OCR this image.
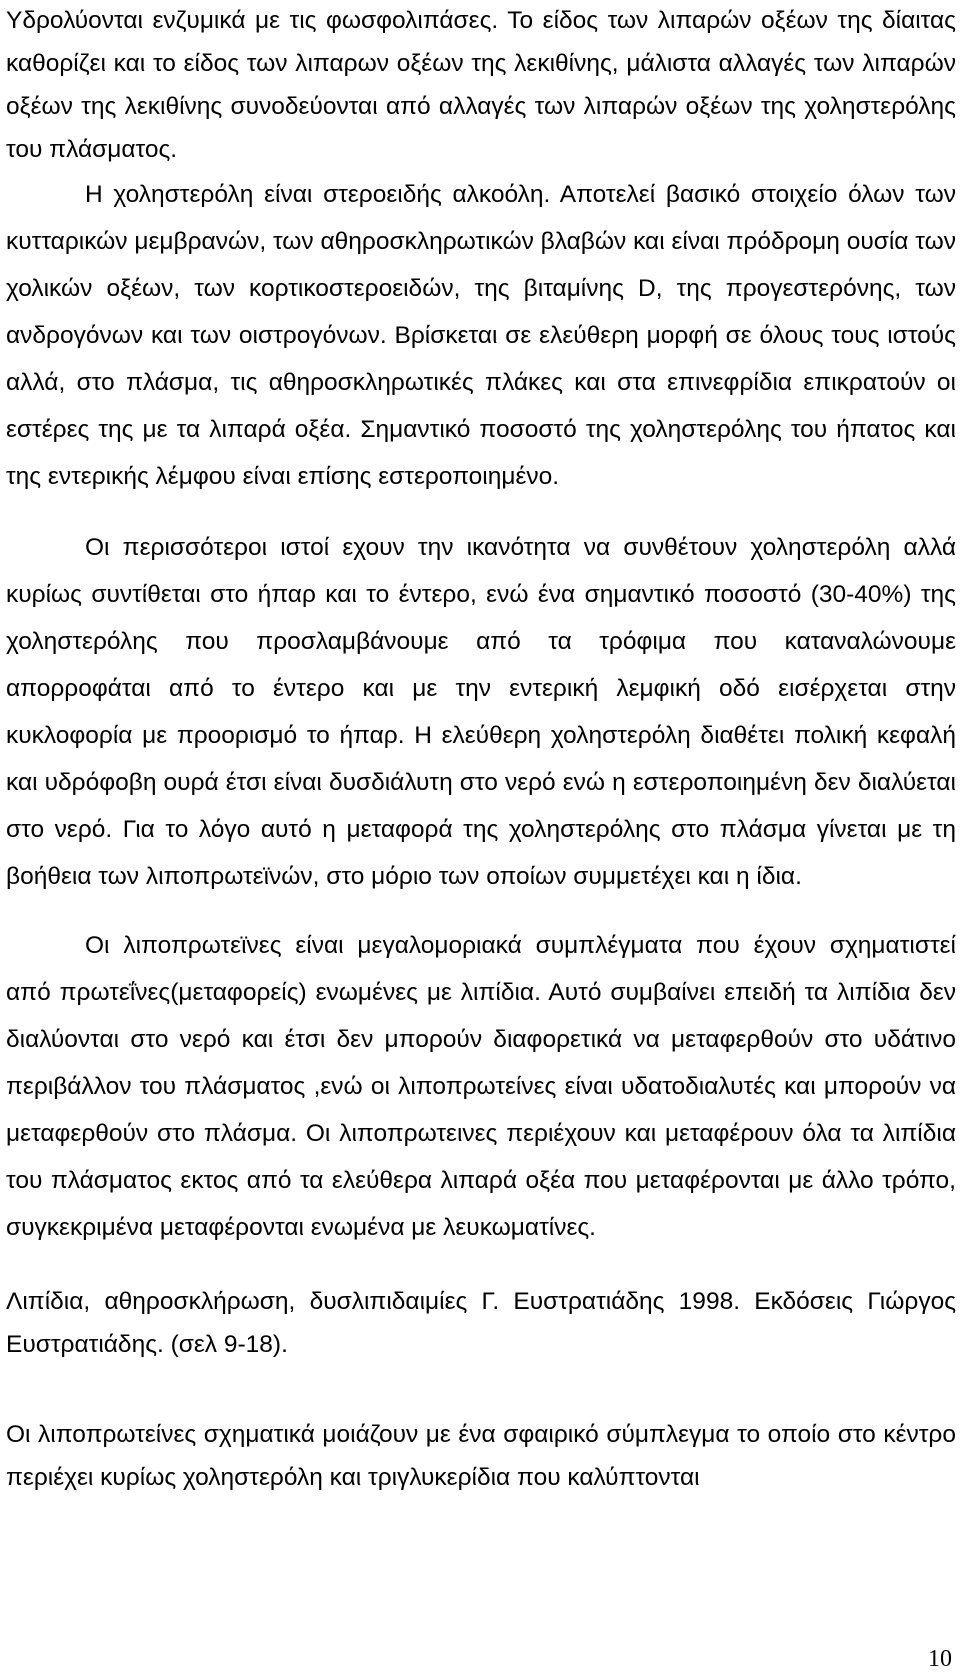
Υδρολύονται ενζυμικά με τις φωσφολιπάσες. Το είδος των λιπαρών οξέων της δίαιτας καθορίζει και το είδος των λιπαρων οξέων της λεκιθίνης, μάλιστα αλλαγές των λιπαρών οξέων της λεκιθίνης συνοδεύονται από αλλαγές των λιπαρών οξέων της χοληστερόλης του πλάσματος.

Η χοληστερόλη είναι στεροειδής αλκοόλη. Αποτελεί βασικό στοιχείο όλων των κυτταρικών μεμβρανών, των αθηροσκληρωτικών βλαβών και είναι πρόδρομη ουσία των χολικών οξέων, των κορτικοστεροειδών, της βιταμίνης D, της προγεστερόνης, των ανδρογόνων και των οιστρογόνων. Βρίσκεται σε ελεύθερη μορφή σε όλους τους ιστούς αλλά, στο πλάσμα, τις αθηροσκληρωτικές πλάκες και στα επινεφρίδια επικρατούν οι εστέρες της με τα λιπαρά οξέα. Σημαντικό ποσοστό της χοληστερόλης του ήπατος και της εντερικής λέμφου είναι επίσης εστεροποιημένο.

Οι περισσότεροι ιστοί εχουν την ικανότητα να συνθέτουν χοληστερόλη αλλά κυρίως συντίθεται στο ήπαρ και το έντερο, ενώ ένα σημαντικό ποσοστό (30-40%) της χοληστερόλης που προσλαμβάνουμε από τα τρόφιμα που καταναλώνουμε απορροφάται από το έντερο και με την εντερική λεμφική οδό εισέρχεται στην κυκλοφορία με προορισμό το ήπαρ. Η ελεύθερη χοληστερόλη διαθέτει πολική κεφαλή και υδρόφοβη ουρά έτσι είναι δυσδιάλυτη στο νερό ενώ η εστεροποιημένη δεν διαλύεται στο νερό. Για το λόγο αυτό η μεταφορά της χοληστερόλης στο πλάσμα γίνεται με τη βοήθεια των λιποπρωτεϊνών, στο μόριο των οποίων συμμετέχει και η ίδια.

Οι λιποπρωτεϊνες είναι μεγαλομοριακά συμπλέγματα που έχουν σχηματιστεί από πρωτεΐνες(μεταφορείς) ενωμένες με λιπίδια. Αυτό συμβαίνει επειδή τα λιπίδια δεν διαλύονται στο νερό και έτσι δεν μπορούν διαφορετικά να μεταφερθούν στο υδάτινο περιβάλλον του πλάσματος ,ενώ οι λιποπρωτείνες είναι υδατοδιαλυτές και μπορούν να μεταφερθούν στο πλάσμα. Οι λιποπρωτεινες περιέχουν και μεταφέρουν όλα τα λιπίδια του πλάσματος εκτος από τα ελεύθερα λιπαρά οξέα που μεταφέρονται με άλλο τρόπο, συγκεκριμένα μεταφέρονται ενωμένα με λευκωματίνες.

Λιπίδια, αθηροσκλήρωση, δυσλιπιδαιμίες Γ. Ευστρατιάδης 1998. Εκδόσεις Γιώργος Ευστρατιάδης. (σελ 9-18).

Οι λιποπρωτείνες σχηματικά μοιάζουν με ένα σφαιρικό σύμπλεγμα το οποίο στο κέντρο περιέχει κυρίως χοληστερόλη και τριγλυκερίδια που καλύπτονται

10
